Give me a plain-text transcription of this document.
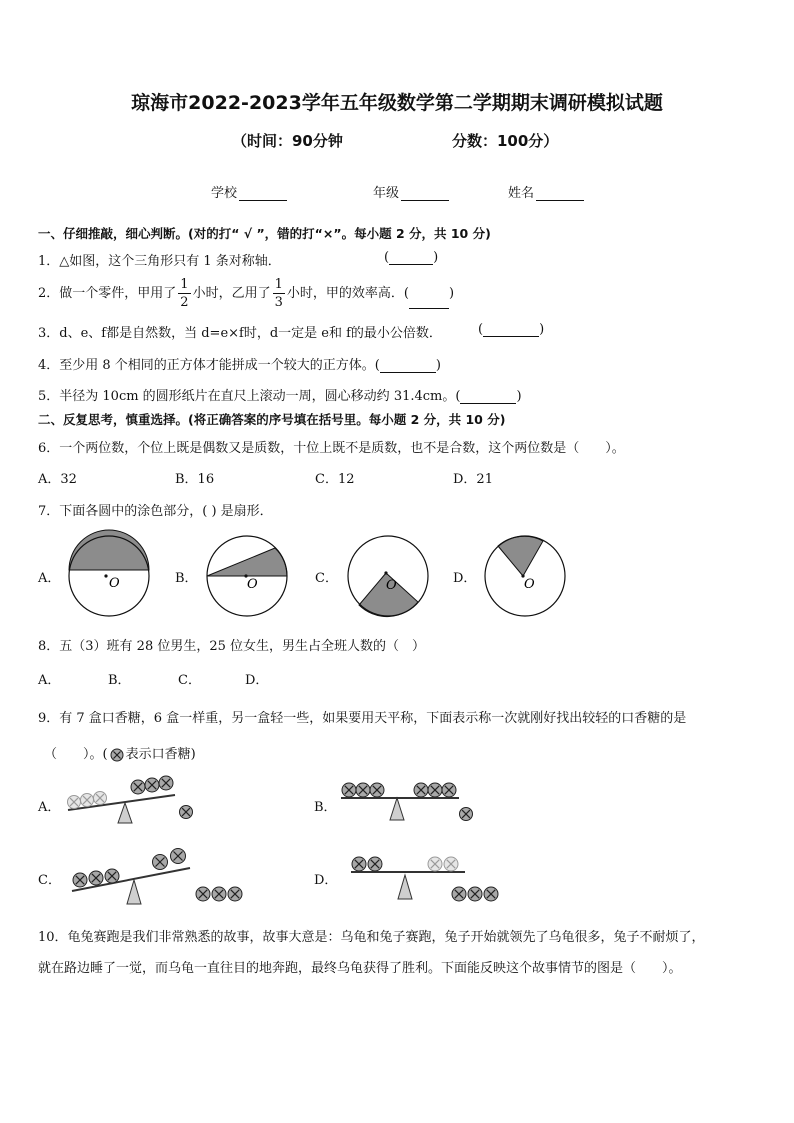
琼海市2022-2023学年五年级数学第二学期期末调研模拟试题
（时间：90分钟	分数：100分）
学校	年级	姓名
一、仔细推敲，细心判断。(对的打“ √ ”，错的打“×”。每小题 2 分，共 10 分)
1．△如图，这个三角形只有 1 条对称轴．	(	)
2．做一个零件，甲用了 $\frac{1}{2}$ 小时，乙用了 $\frac{1}{3}$ 小时，甲的效率高．(	)
3．d、e、f都是自然数，当 d=e×f时，d一定是 e和 f的最小公倍数．	(	)
4．至少用 8 个相同的正方体才能拼成一个较大的正方体。(	)
5．半径为 10cm 的圆形纸片在直尺上滚动一周，圆心移动约 31.4cm。(	)
二、反复思考，慎重选择。(将正确答案的序号填在括号里。每小题 2 分，共 10 分)
6．一个两位数，个位上既是偶数又是质数，十位上既不是质数，也不是合数，这个两位数是（　　）。
A．32	B．16	C．12	D．21
7．下面各圆中的涂色部分，( ) 是扇形．
A．	B．	C．	D．
O	O	O	O
8．五（3）班有 28 位男生，25 位女生，男生占全班人数的（　）
A．	B．	C．	D．
9．有 7 盒口香糖，6 盒一样重，另一盒轻一些，如果要用天平称，下面表示称一次就刚好找出较轻的口香糖的是
（　　）。( 表示口香糖)
A．	B．
C．	D．
10．龟兔赛跑是我们非常熟悉的故事，故事大意是：乌龟和兔子赛跑，兔子开始就领先了乌龟很多，兔子不耐烦了，
就在路边睡了一觉，而乌龟一直往目的地奔跑，最终乌龟获得了胜利。下面能反映这个故事情节的图是（　　）。
